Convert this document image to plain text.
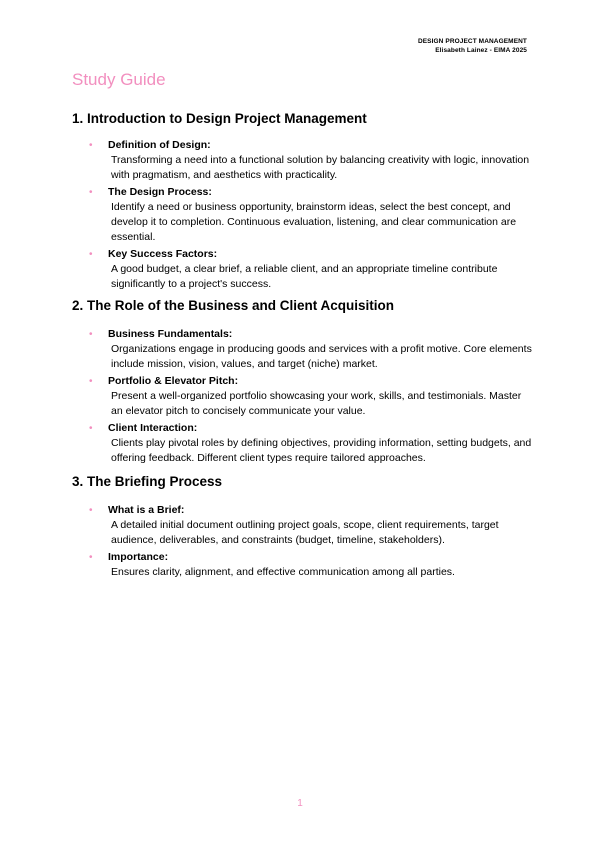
DESIGN PROJECT MANAGEMENT
Elisabeth Lainez - EIMA 2025
Study Guide
1. Introduction to Design Project Management
• Definition of Design:
Transforming a need into a functional solution by balancing creativity with logic, innovation with pragmatism, and aesthetics with practicality.
• The Design Process:
Identify a need or business opportunity, brainstorm ideas, select the best concept, and develop it to completion. Continuous evaluation, listening, and clear communication are essential.
• Key Success Factors:
A good budget, a clear brief, a reliable client, and an appropriate timeline contribute significantly to a project's success.
2. The Role of the Business and Client Acquisition
• Business Fundamentals:
Organizations engage in producing goods and services with a profit motive. Core elements include mission, vision, values, and target (niche) market.
• Portfolio & Elevator Pitch:
Present a well-organized portfolio showcasing your work, skills, and testimonials. Master an elevator pitch to concisely communicate your value.
• Client Interaction:
Clients play pivotal roles by defining objectives, providing information, setting budgets, and offering feedback. Different client types require tailored approaches.
3. The Briefing Process
• What is a Brief:
A detailed initial document outlining project goals, scope, client requirements, target audience, deliverables, and constraints (budget, timeline, stakeholders).
• Importance:
Ensures clarity, alignment, and effective communication among all parties.
1
